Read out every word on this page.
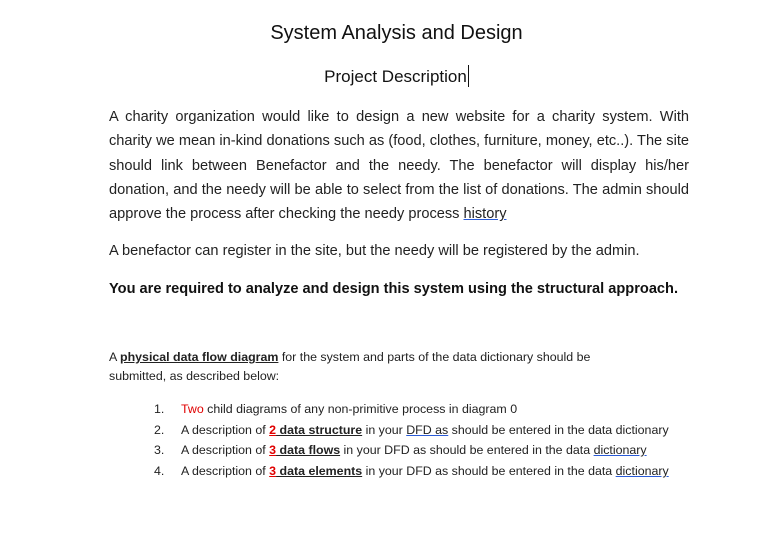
System Analysis and Design
Project Description

A charity organization would like to design a new website for a charity system. With charity we mean in-kind donations such as (food, clothes, furniture, money, etc..). The site should link between Benefactor and the needy. The benefactor will display his/her donation, and the needy will be able to select from the list of donations. The admin should approve the process after checking the needy process history

A benefactor can register in the site, but the needy will be registered by the admin.

You are required to analyze and design this system using the structural approach.

A physical data flow diagram for the system and parts of the data dictionary should be submitted, as described below:

1. Two child diagrams of any non-primitive process in diagram 0
2. A description of 2 data structure in your DFD as should be entered in the data dictionary
3. A description of 3 data flows in your DFD as should be entered in the data dictionary
4. A description of 3 data elements in your DFD as should be entered in the data dictionary
